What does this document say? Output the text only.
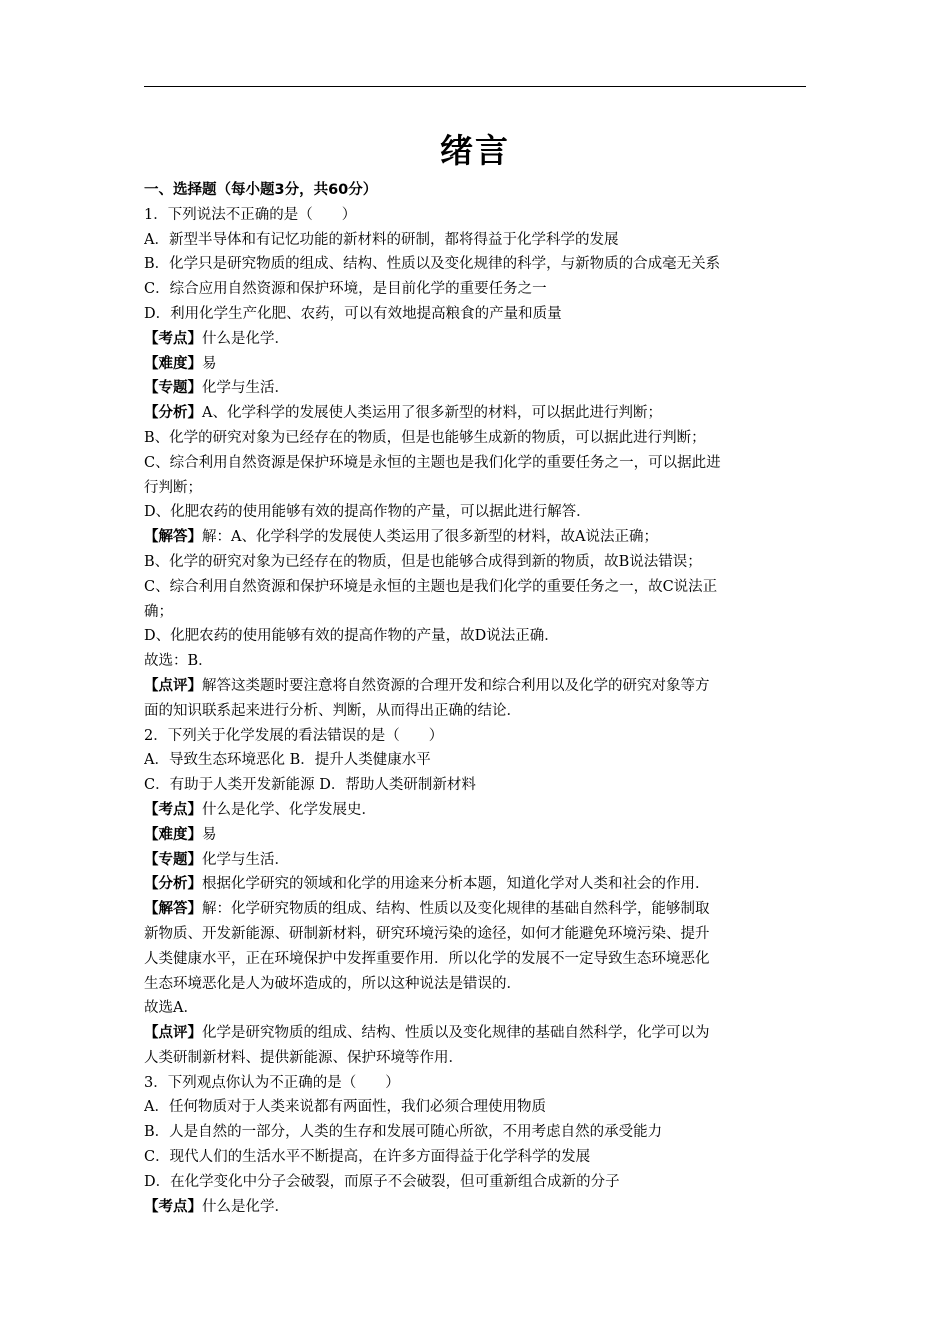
绪言
一、选择题（每小题3分，共60分）
1．下列说法不正确的是（　　）
A．新型半导体和有记忆功能的新材料的研制，都将得益于化学科学的发展
B．化学只是研究物质的组成、结构、性质以及变化规律的科学，与新物质的合成毫无关系
C．综合应用自然资源和保护环境，是目前化学的重要任务之一
D．利用化学生产化肥、农药，可以有效地提高粮食的产量和质量
【考点】什么是化学．
【难度】易
【专题】化学与生活．
【分析】A、化学科学的发展使人类运用了很多新型的材料，可以据此进行判断；
B、化学的研究对象为已经存在的物质，但是也能够生成新的物质，可以据此进行判断；
C、综合利用自然资源是保护环境是永恒的主题也是我们化学的重要任务之一，可以据此进
行判断；
D、化肥农药的使用能够有效的提高作物的产量，可以据此进行解答．
【解答】解：A、化学科学的发展使人类运用了很多新型的材料，故A说法正确；
B、化学的研究对象为已经存在的物质，但是也能够合成得到新的物质，故B说法错误；
C、综合利用自然资源和保护环境是永恒的主题也是我们化学的重要任务之一，故C说法正
确；
D、化肥农药的使用能够有效的提高作物的产量，故D说法正确．
故选：B．
【点评】解答这类题时要注意将自然资源的合理开发和综合利用以及化学的研究对象等方
面的知识联系起来进行分析、判断，从而得出正确的结论．
2．下列关于化学发展的看法错误的是（　　）
A．导致生态环境恶化 B．提升人类健康水平
C．有助于人类开发新能源 D．帮助人类研制新材料
【考点】什么是化学、化学发展史．
【难度】易
【专题】化学与生活．
【分析】根据化学研究的领域和化学的用途来分析本题，知道化学对人类和社会的作用．
【解答】解：化学研究物质的组成、结构、性质以及变化规律的基础自然科学，能够制取
新物质、开发新能源、研制新材料，研究环境污染的途径，如何才能避免环境污染、提升
人类健康水平，正在环境保护中发挥重要作用．所以化学的发展不一定导致生态环境恶化
生态环境恶化是人为破坏造成的，所以这种说法是错误的．
故选A．
【点评】化学是研究物质的组成、结构、性质以及变化规律的基础自然科学，化学可以为
人类研制新材料、提供新能源、保护环境等作用．
3．下列观点你认为不正确的是（　　）
A．任何物质对于人类来说都有两面性，我们必须合理使用物质
B．人是自然的一部分，人类的生存和发展可随心所欲，不用考虑自然的承受能力
C．现代人们的生活水平不断提高，在许多方面得益于化学科学的发展
D．在化学变化中分子会破裂，而原子不会破裂，但可重新组合成新的分子
【考点】什么是化学．
